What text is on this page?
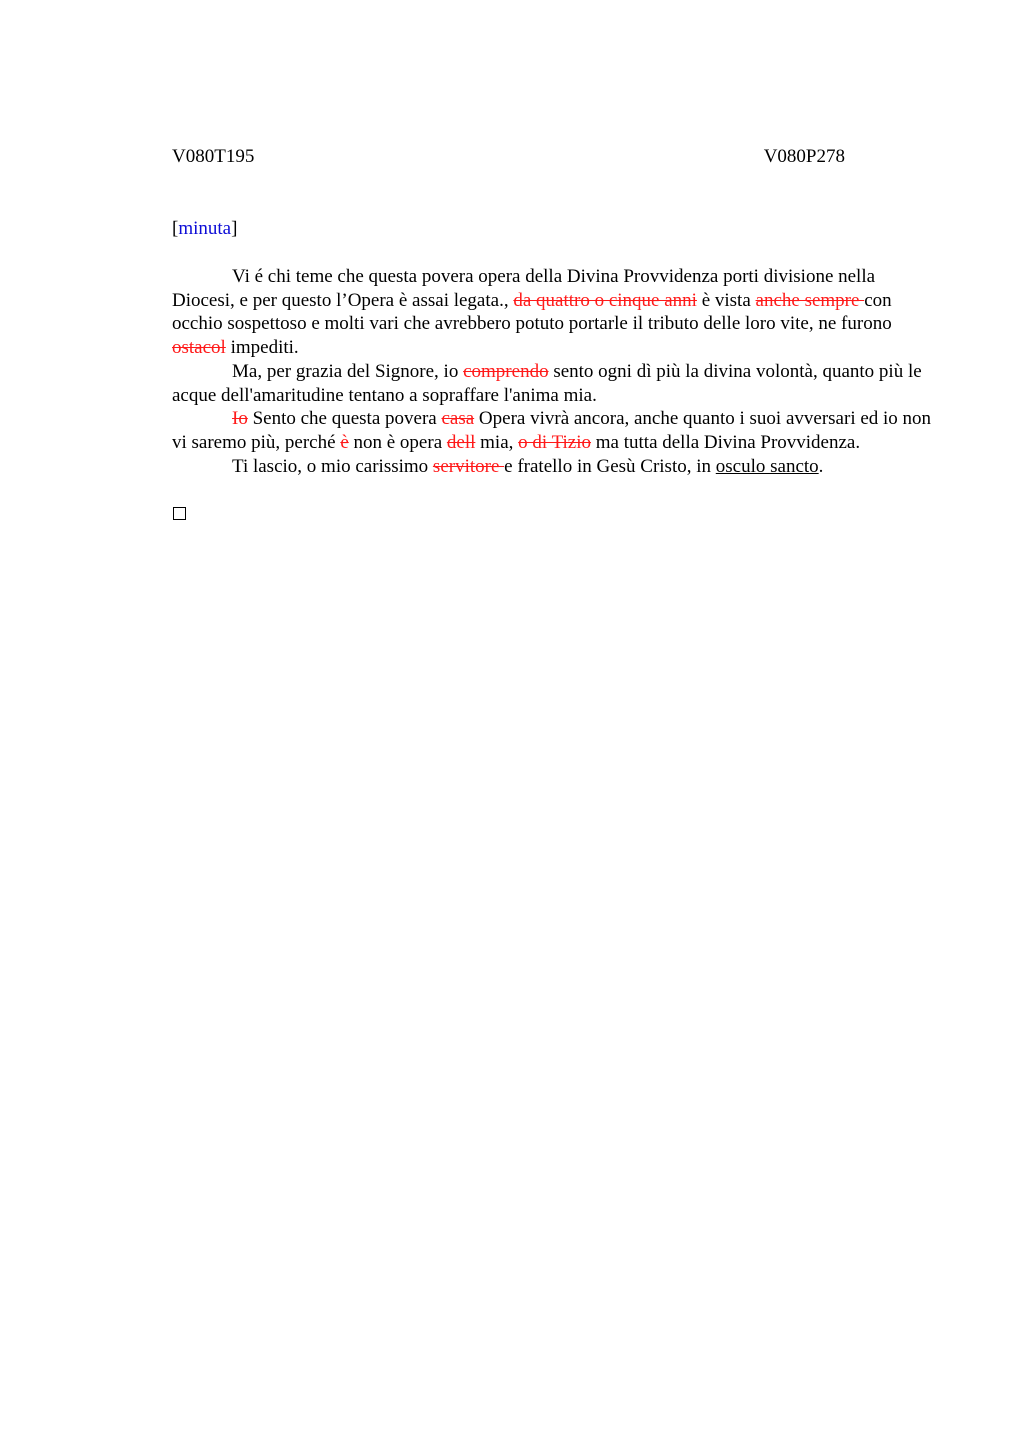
V080T195	V080P278
[minuta]

Vi é chi teme che questa povera opera della Divina Provvidenza porti divisione nella Diocesi, e per questo l’Opera è assai legata., da quattro o cinque anni è vista anche sempre con occhio sospettoso e molti vari che avrebbero potuto portarle il tributo delle loro vite, ne furono ostacol impediti.

Ma, per grazia del Signore, io comprendo sento ogni dì più la divina volontà, quanto più le acque dell'amaritudine tentano a sopraffare l'anima mia.

Io Sento che questa povera casa Opera vivrà ancora, anche quanto i suoi avversari ed io non vi saremo più, perché è non è opera dell mia, o di Tizio ma tutta della Divina Provvidenza.

Ti lascio, o mio carissimo servitore e fratello in Gesù Cristo, in osculo sancto.
